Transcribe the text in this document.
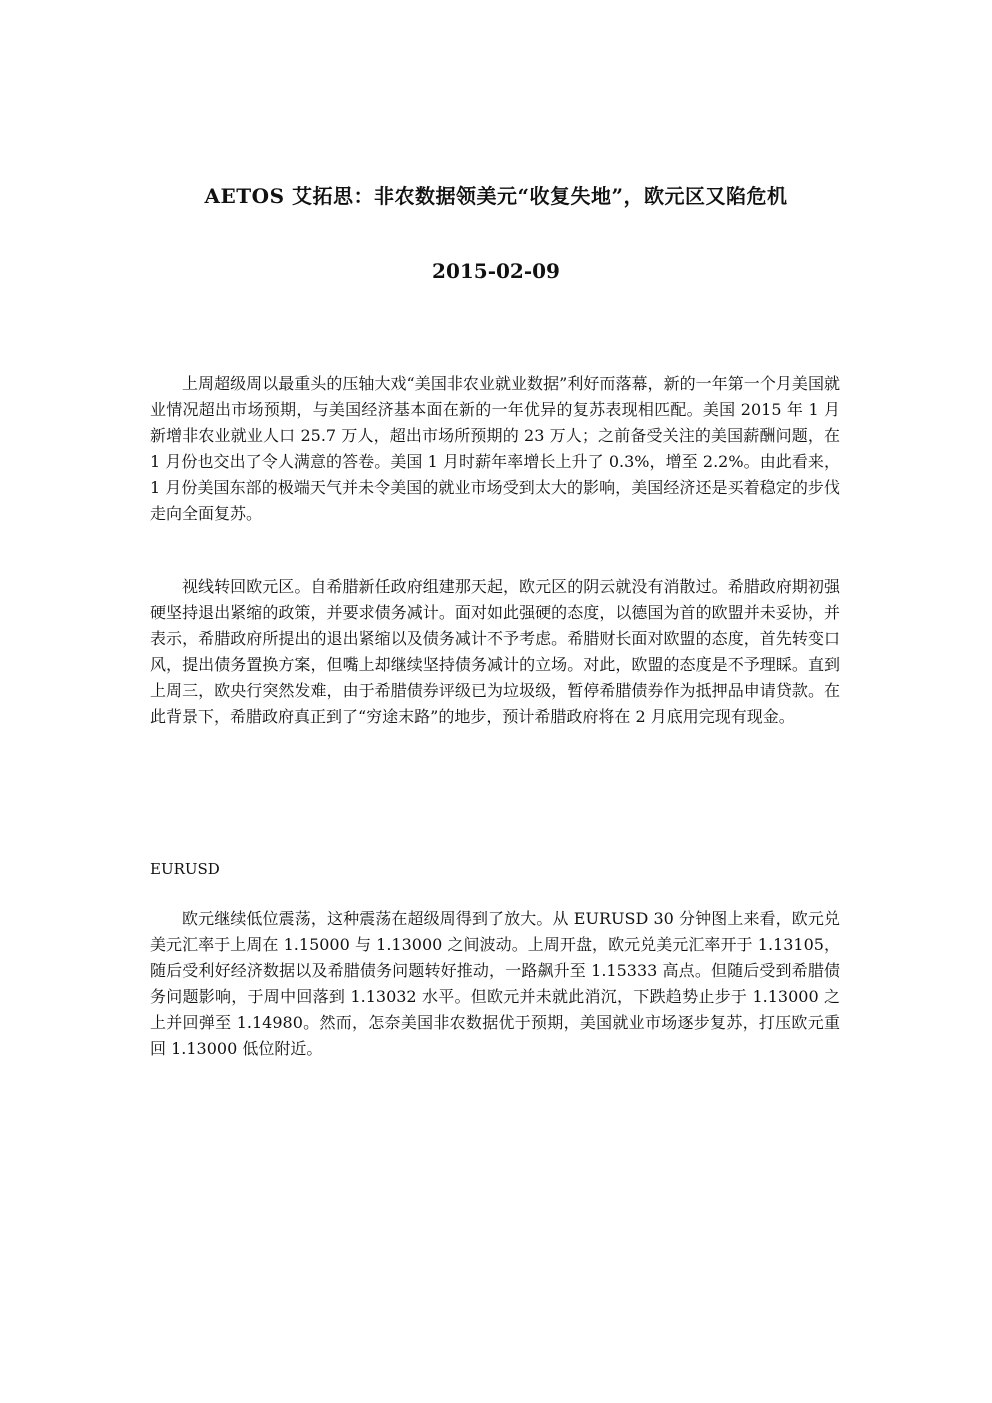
AETOS 艾拓思：非农数据领美元“收复失地”，欧元区又陷危机
2015-02-09

上周超级周以最重头的压轴大戏“美国非农业就业数据”利好而落幕，新的一年第一个月美国就业情况超出市场预期，与美国经济基本面在新的一年优异的复苏表现相匹配。美国 2015 年 1 月新增非农业就业人口 25.7 万人，超出市场所预期的 23 万人；之前备受关注的美国薪酬问题，在 1 月份也交出了令人满意的答卷。美国 1 月时薪年率增长上升了 0.3%，增至 2.2%。由此看来，1 月份美国东部的极端天气并未令美国的就业市场受到太大的影响，美国经济还是买着稳定的步伐走向全面复苏。

视线转回欧元区。自希腊新任政府组建那天起，欧元区的阴云就没有消散过。希腊政府期初强硬坚持退出紧缩的政策，并要求债务减计。面对如此强硬的态度，以德国为首的欧盟并未妥协，并表示，希腊政府所提出的退出紧缩以及债务减计不予考虑。希腊财长面对欧盟的态度，首先转变口风，提出债务置换方案，但嘴上却继续坚持债务减计的立场。对此，欧盟的态度是不予理睬。直到上周三，欧央行突然发难，由于希腊债券评级已为垃圾级，暂停希腊债券作为抵押品申请贷款。在此背景下，希腊政府真正到了“穷途末路”的地步，预计希腊政府将在 2 月底用完现有现金。

EURUSD

欧元继续低位震荡，这种震荡在超级周得到了放大。从 EURUSD 30 分钟图上来看，欧元兑美元汇率于上周在 1.15000 与 1.13000 之间波动。上周开盘，欧元兑美元汇率开于 1.13105，随后受利好经济数据以及希腊债务问题转好推动，一路飙升至 1.15333 高点。但随后受到希腊债务问题影响，于周中回落到 1.13032 水平。但欧元并未就此消沉，下跌趋势止步于 1.13000 之上并回弹至 1.14980。然而，怎奈美国非农数据优于预期，美国就业市场逐步复苏，打压欧元重回 1.13000 低位附近。
